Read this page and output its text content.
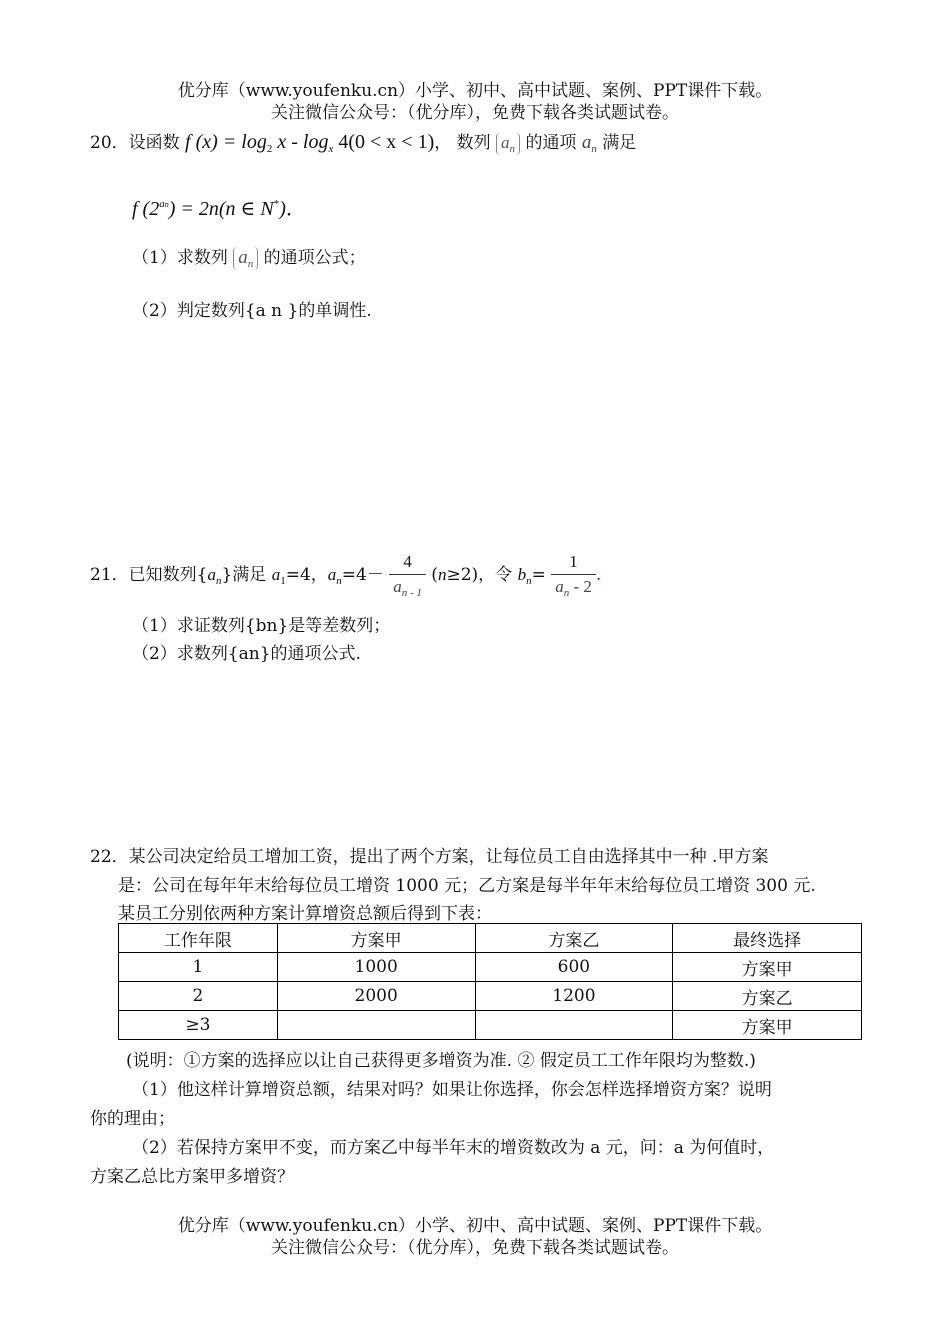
优分库（www.youfenku.cn）小学、初中、高中试题、案例、PPT课件下载。
关注微信公众号：（优分库），免费下载各类试题试卷。
20．设函数 f $(x) = \log_2 x - \log_x 4(0 < x < 1)$， 数列 $a_n$ 的通项 $a_n$ 满足
f $(2^{an}) = 2n(n$ ∈ N*)．
（1）求数列 $a_n$ 的通项公式；
（2）判定数列{a n }的单调性.
21．已知数列$\{a_n\}$满足 $a_1=4$，$a_n=4- \frac{4}{a_{n - 1}} (n\ge 2)$，令 $b_n= \frac{1}{a_n - 2}$ .
（1）求证数列{bn}是等差数列；
（2）求数列{an}的通项公式.
22．某公司决定给员工增加工资，提出了两个方案，让每位员工自由选择其中一种 .甲方案
是：公司在每年年末给每位员工增资 1000 元；乙方案是每半年年末给每位员工增资 300 元.
某员工分别依两种方案计算增资总额后得到下表：
工作年限	方案甲	方案乙	最终选择
1	1000	600	方案甲
2	2000	1200	方案乙
≥3			方案甲
(说明：①方案的选择应以让自己获得更多增资为准. ② 假定员工工作年限均为整数.)
（1）他这样计算增资总额，结果对吗？如果让你选择，你会怎样选择增资方案？说明
你的理由；
（2）若保持方案甲不变，而方案乙中每半年末的增资数改为 a 元，问：a 为何值时，
方案乙总比方案甲多增资？
优分库（www.youfenku.cn）小学、初中、高中试题、案例、PPT课件下载。
关注微信公众号：（优分库），免费下载各类试题试卷。
